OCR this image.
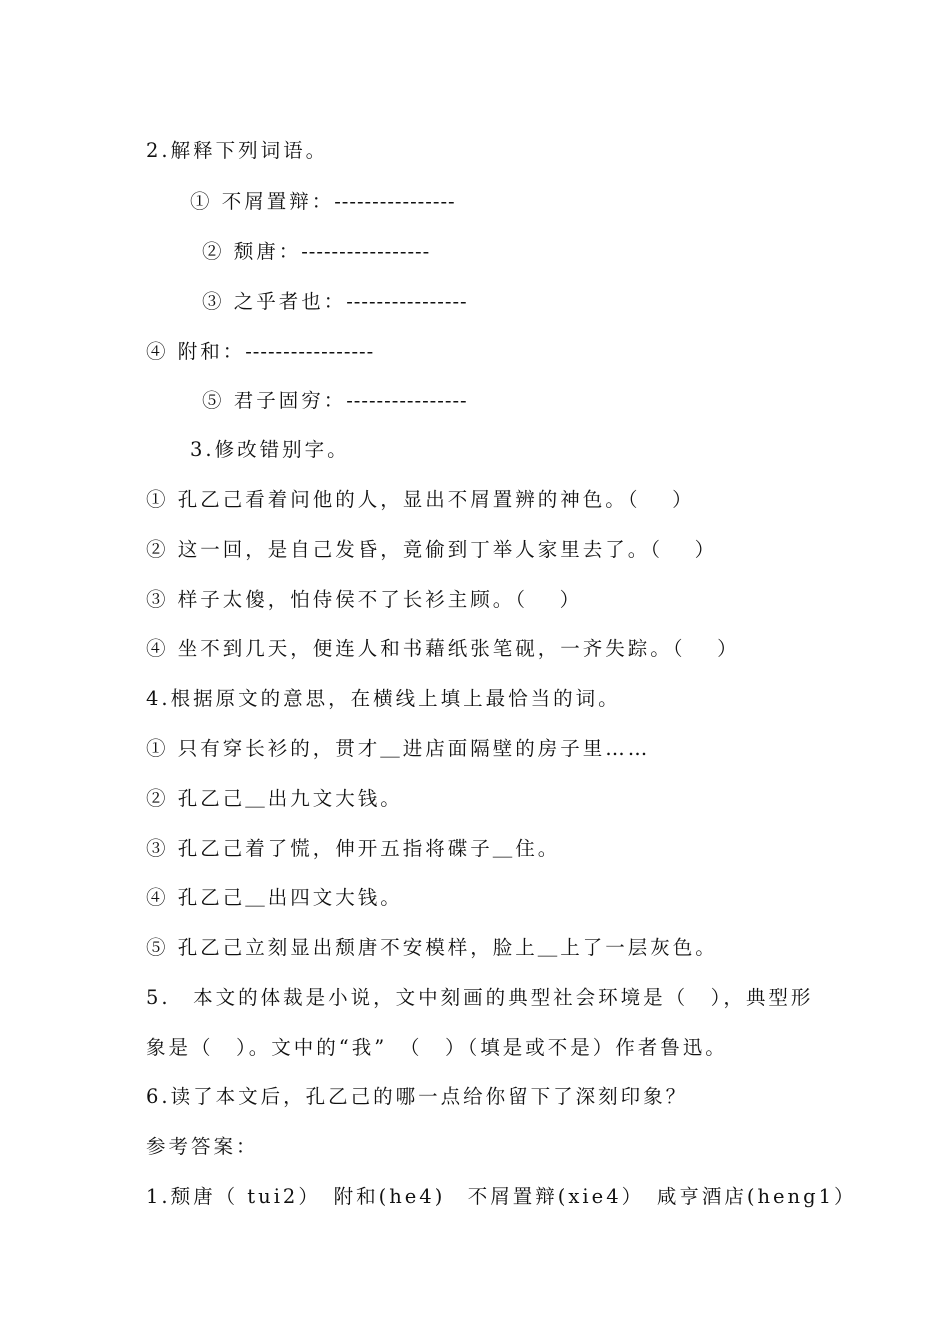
2.解释下列词语。
① 不屑置辩：----------------
② 颓唐：-----------------
③ 之乎者也：----------------
④ 附和：-----------------
⑤ 君子固穷：----------------
3.修改错别字。
① 孔乙己看着问他的人，显出不屑置辨的神色。（　 ）
② 这一回，是自己发昏，竟偷到丁举人家里去了。（　 ）
③ 样子太傻，怕侍侯不了长衫主顾。（　 ）
④ 坐不到几天，便连人和书藉纸张笔砚，一齐失踪。（　 ）
4.根据原文的意思，在横线上填上最恰当的词。
① 只有穿长衫的，贯才＿进店面隔壁的房子里……
② 孔乙己＿出九文大钱。
③ 孔乙己着了慌，伸开五指将碟子＿住。
④ 孔乙己＿出四文大钱。
⑤ 孔乙己立刻显出颓唐不安模样，脸上＿上了一层灰色。
5.　本文的体裁是小说，文中刻画的典型社会环境是（　），典型形
象是（　）。文中的“我”　（　）（填是或不是）作者鲁迅。
6.读了本文后，孔乙己的哪一点给你留下了深刻印象？
参考答案：
1.颓唐（ tui2）　附和(he4)　不屑置辩(xie4）　咸亨酒店(heng1）
